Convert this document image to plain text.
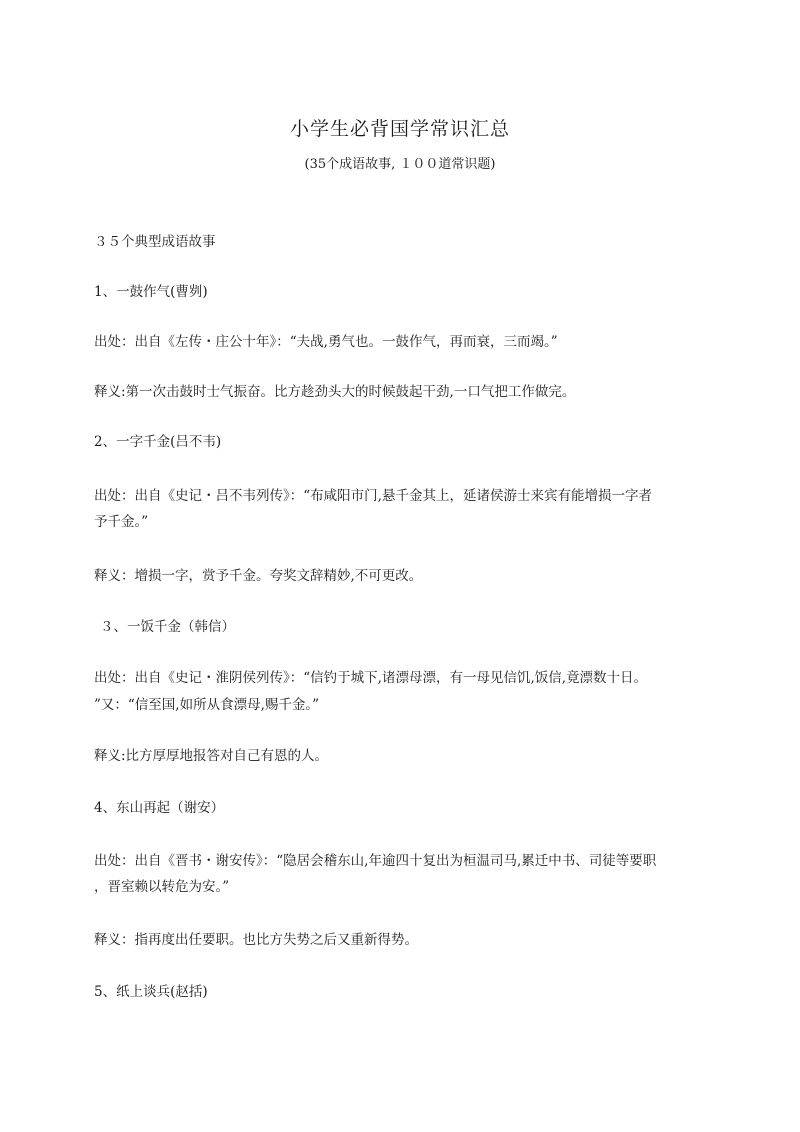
小学生必背国学常识汇总
(35个成语故事, １００道常识题)
３５个典型成语故事
1、一鼓作气(曹刿)
出处：出自《左传・庄公十年》：“夫战,勇气也。一鼓作气，再而衰，三而竭。”
释义:第一次击鼓时士气振奋。比方趁劲头大的时候鼓起干劲,一口气把工作做完。
2、一字千金(吕不韦)
出处：出自《史记・吕不韦列传》：“布咸阳市门,悬千金其上，延诸侯游士来宾有能增损一字者
予千金。”
释义：增损一字，赏予千金。夸奖文辞精妙,不可更改。
３、一饭千金（韩信）
出处：出自《史记・淮阴侯列传》：“信钓于城下,诸漂母漂，有一母见信饥,饭信,竟漂数十日。
”又：“信至国,如所从食漂母,赐千金。”
释义:比方厚厚地报答对自己有恩的人。
4、东山再起（谢安）
出处：出自《晋书・谢安传》：“隐居会稽东山,年逾四十复出为桓温司马,累迁中书、司徒等要职
，晋室赖以转危为安。”
释义：指再度出任要职。也比方失势之后又重新得势。
5、纸上谈兵(赵括)
